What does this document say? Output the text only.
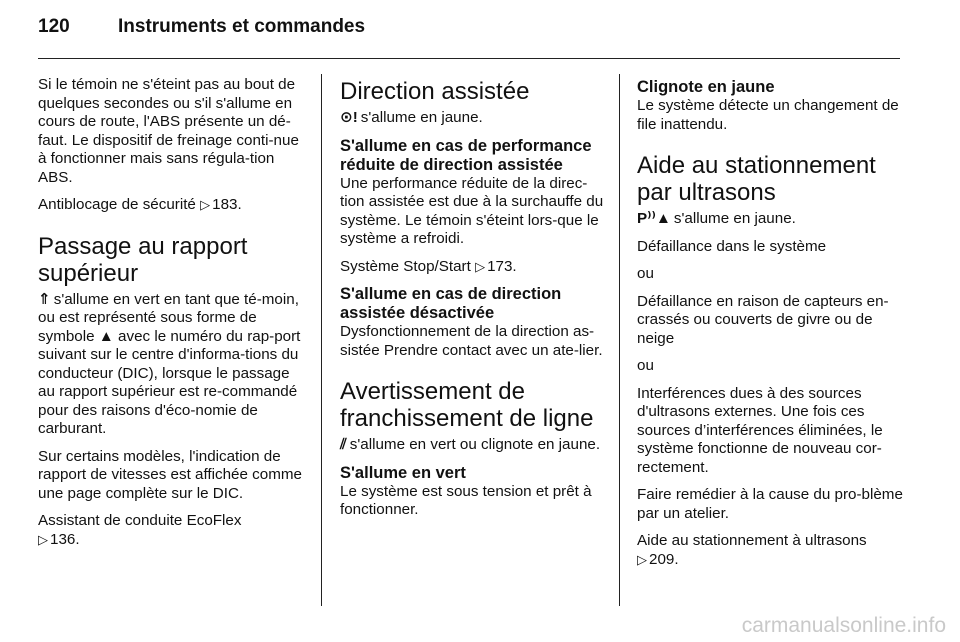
120	Instruments et commandes

Si le témoin ne s'éteint pas au bout de quelques secondes ou s'il s'allume en cours de route, l'ABS présente un dé-faut. Le dispositif de freinage conti-nue à fonctionner mais sans régula-tion ABS.

Antiblocage de sécurité ▷ 183.

Passage au rapport supérieur

⇑ s'allume en vert en tant que té-moin, ou est représenté sous forme de symbole ▲ avec le numéro du rap-port suivant sur le centre d'informa-tions du conducteur (DIC), lorsque le passage au rapport supérieur est re-commandé pour des raisons d'éco-nomie de carburant.

Sur certains modèles, l'indication de rapport de vitesses est affichée comme une page complète sur le DIC.

Assistant de conduite EcoFlex
▷ 136.

Direction assistée

⊙! s'allume en jaune.

S'allume en cas de performance réduite de direction assistée

Une performance réduite de la direc-tion assistée est due à la surchauffe du système. Le témoin s'éteint lors-que le système a refroidi.

Système Stop/Start ▷ 173.

S'allume en cas de direction assistée désactivée

Dysfonctionnement de la direction as-sistée Prendre contact avec un ate-lier.

Avertissement de franchissement de ligne

⫽ s'allume en vert ou clignote en jaune.

S'allume en vert

Le système est sous tension et prêt à fonctionner.

Clignote en jaune

Le système détecte un changement de file inattendu.

Aide au stationnement par ultrasons

P⁾⁾▲ s'allume en jaune.

Défaillance dans le système

ou

Défaillance en raison de capteurs en-crassés ou couverts de givre ou de neige

ou

Interférences dues à des sources d'ultrasons externes. Une fois ces sources d’interférences éliminées, le système fonctionne de nouveau cor-rectement.

Faire remédier à la cause du pro-blème par un atelier.

Aide au stationnement à ultrasons
▷ 209.

carmanualsonline.info
